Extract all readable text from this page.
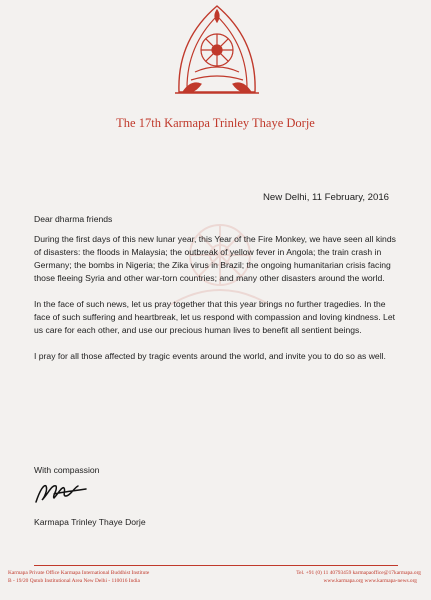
The 17th Karmapa Trinley Thaye Dorje
New Delhi, 11 February, 2016

Dear dharma friends

During the first days of this new lunar year, this Year of the Fire Monkey, we have seen all kinds of disasters: the floods in Malaysia; the outbreak of yellow fever in Angola; the train crash in Germany; the bombs in Nigeria; the Zika virus in Brazil; the ongoing humanitarian crisis facing those fleeing Syria and other war-torn countries; and many other disasters around the world.

In the face of such news, let us pray together that this year brings no further tragedies. In the face of such suffering and heartbreak, let us respond with compassion and loving kindness. Let us care for each other, and use our precious human lives to benefit all sentient beings.

I pray for all those affected by tragic events around the world, and invite you to do so as well.

With compassion
Karmapa Trinley Thaye Dorje
Karmapa Private Office Karmapa International Buddhist Institute
B - 19/20 Qutub Institutional Area New Delhi - 110016 India
Tel. +91 (0) 11 40793459 karmapaoffice@17karmapa.org
www.karmapa.org www.karmapa-news.org
